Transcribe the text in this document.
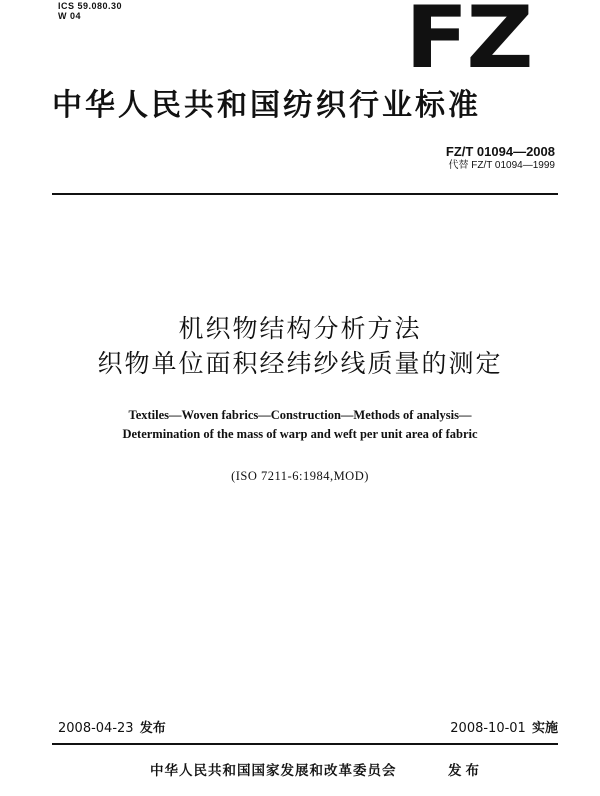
ICS 59.080.30
W 04	FZ
中华人民共和国纺织行业标准
FZ/T 01094—2008
代替 FZ/T 01094—1999
机织物结构分析方法
织物单位面积经纬纱线质量的测定
Textiles—Woven fabrics—Construction—Methods of analysis—
Determination of the mass of warp and weft per unit area of fabric
(ISO 7211-6:1984,MOD)
2008-04-23 发布	2008-10-01 实施
中华人民共和国国家发展和改革委员会	发布
